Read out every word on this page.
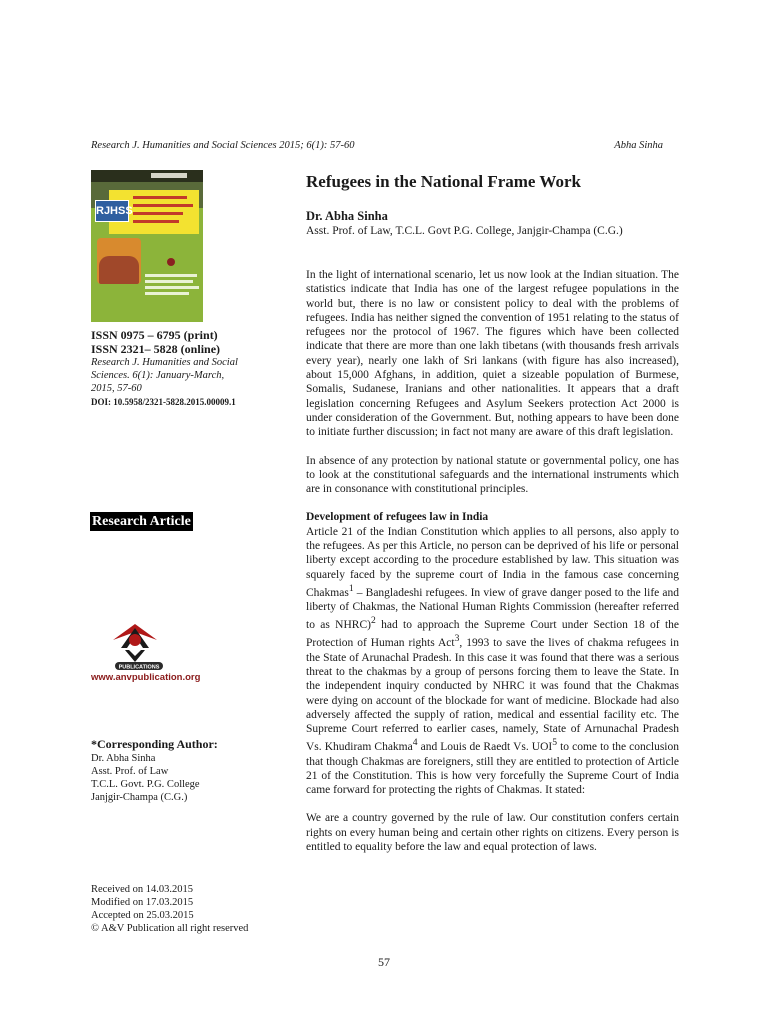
Research J. Humanities and Social Sciences 2015; 6(1): 57-60	Abha Sinha
RJHSS
ISSN 0975 – 6795 (print)
ISSN 2321– 5828 (online)
Research J. Humanities and Social
Sciences. 6(1): January-March,
2015, 57-60
DOI: 10.5958/2321-5828.2015.00009.1
Research Article
PUBLICATIONS
www.anvpublication.org
*Corresponding Author:
Dr. Abha Sinha
Asst. Prof. of Law
T.C.L. Govt. P.G. College
Janjgir-Champa (C.G.)
Received on 14.03.2015
Modified on 17.03.2015
Accepted on 25.03.2015
© A&V Publication all right reserved
Refugees in the National Frame Work
Dr. Abha Sinha
Asst. Prof. of Law, T.C.L. Govt P.G. College, Janjgir-Champa (C.G.)

In the light of international scenario, let us now look at the Indian situation. The statistics indicate that India has one of the largest refugee populations in the world but, there is no law or consistent policy to deal with the problems of refugees. India has neither signed the convention of 1951 relating to the status of refugees nor the protocol of 1967. The figures which have been collected indicate that there are more than one lakh tibetans (with thousands fresh arrivals every year), nearly one lakh of Sri lankans (with figure has also increased), about 15,000 Afghans, in addition, quiet a sizeable population of Burmese, Somalis, Sudanese, Iranians and other nationalities. It appears that a draft legislation concerning Refugees and Asylum Seekers protection Act 2000 is under consideration of the Government. But, nothing appears to have been done to initiate further discussion; in fact not many are aware of this draft legislation.

In absence of any protection by national statute or governmental policy, one has to look at the constitutional safeguards and the international instruments which are in consonance with constitutional principles.

Development of refugees law in India

Article 21 of the Indian Constitution which applies to all persons, also apply to the refugees. As per this Article, no person can be deprived of his life or personal liberty except according to the procedure established by law. This situation was squarely faced by the supreme court of India in the famous case concerning Chakmas$^1$ – Bangladeshi refugees. In view of grave danger posed to the life and liberty of Chakmas, the National Human Rights Commission (hereafter referred to as NHRC)$^2$ had to approach the Supreme Court under Section 18 of the Protection of Human rights Act$^3$, 1993 to save the lives of chakma refugees in the State of Arunachal Pradesh. In this case it was found that there was a serious threat to the chakmas by a group of persons forcing them to leave the State. In the independent inquiry conducted by NHRC it was found that the Chakmas were dying on account of the blockade for want of medicine. Blockade had also adversely affected the supply of ration, medical and essential facility etc. The Supreme Court referred to earlier cases, namely, State of Arnunachal Pradesh Vs. Khudiram Chakma$^4$ and Louis de Raedt Vs. UOI$^5$ to come to the conclusion that though Chakmas are foreigners, still they are entitled to protection of Article 21 of the Constitution. This is how very forcefully the Supreme Court of India came forward for protecting the rights of Chakmas. It stated:

We are a country governed by the rule of law. Our constitution confers certain rights on every human being and certain other rights on citizens. Every person is entitled to equality before the law and equal protection of laws.

57
